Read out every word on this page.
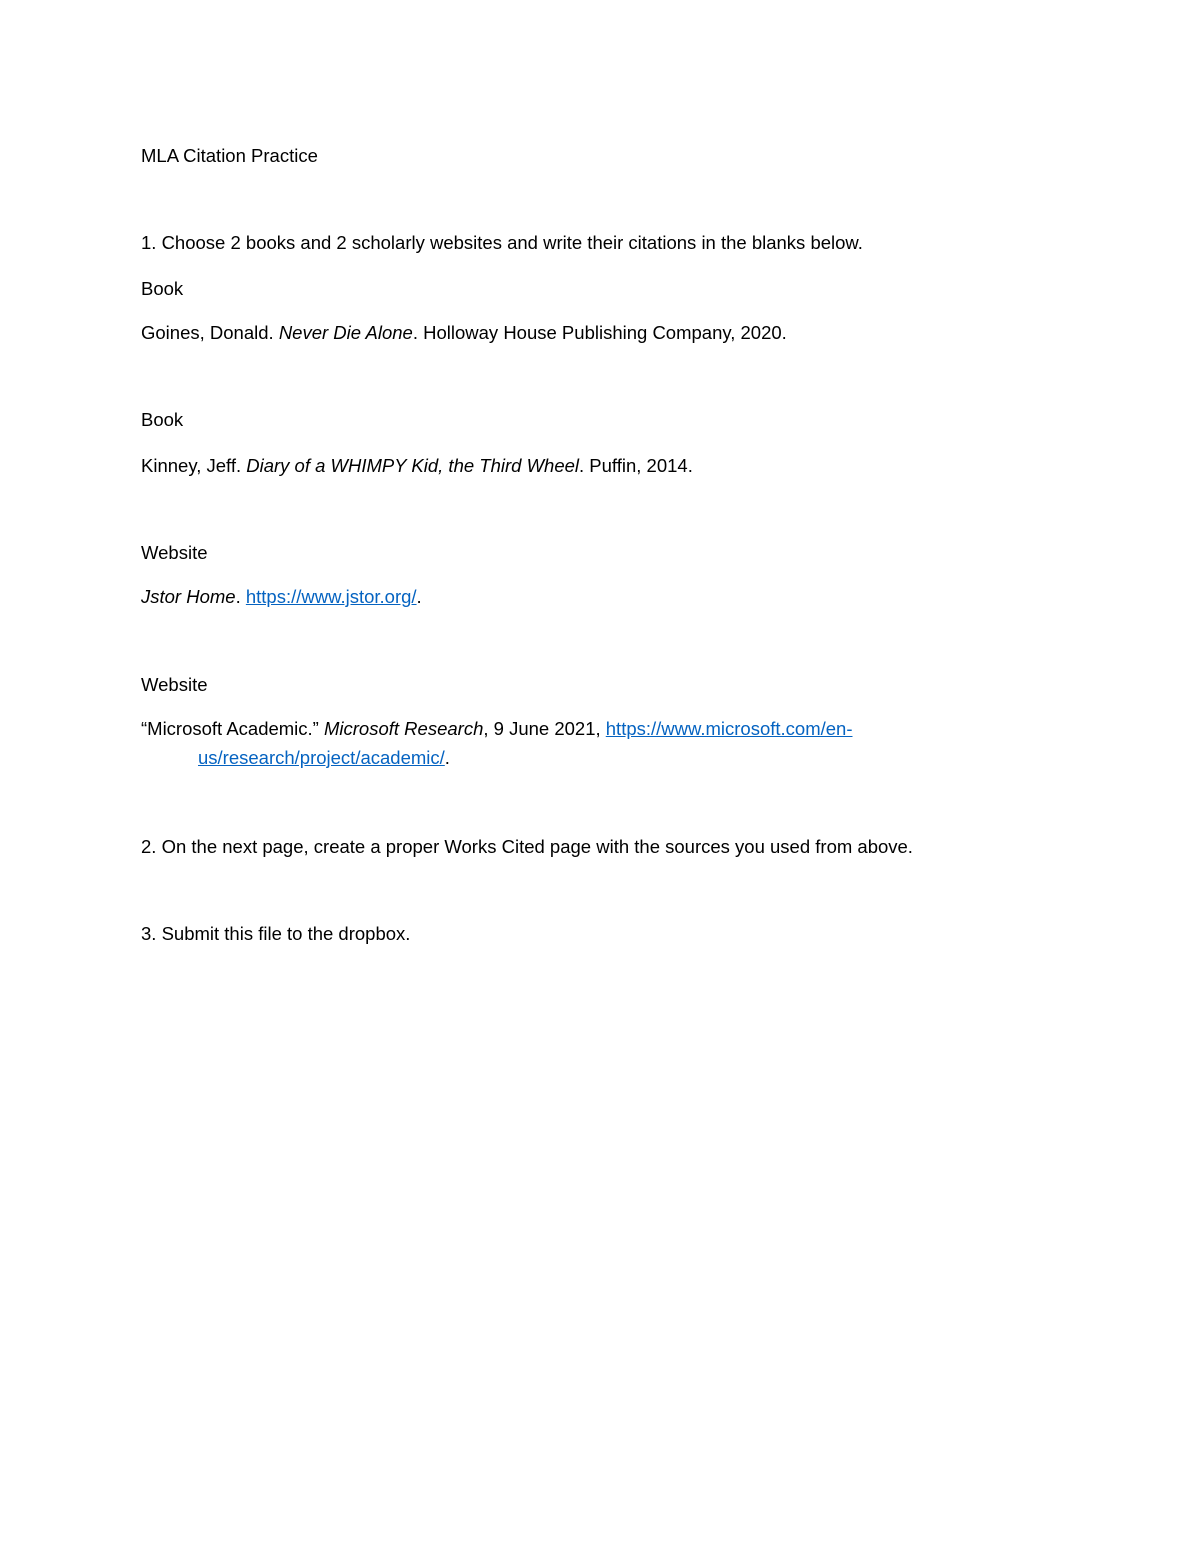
MLA Citation Practice
1. Choose 2 books and 2 scholarly websites and write their citations in the blanks below.
Book
Goines, Donald. Never Die Alone. Holloway House Publishing Company, 2020.
Book
Kinney, Jeff. Diary of a WHIMPY Kid, the Third Wheel. Puffin, 2014.
Website
Jstor Home. https://www.jstor.org/.
Website
“Microsoft Academic.” Microsoft Research, 9 June 2021, https://www.microsoft.com/en-
us/research/project/academic/.
2. On the next page, create a proper Works Cited page with the sources you used from above.
3. Submit this file to the dropbox.
